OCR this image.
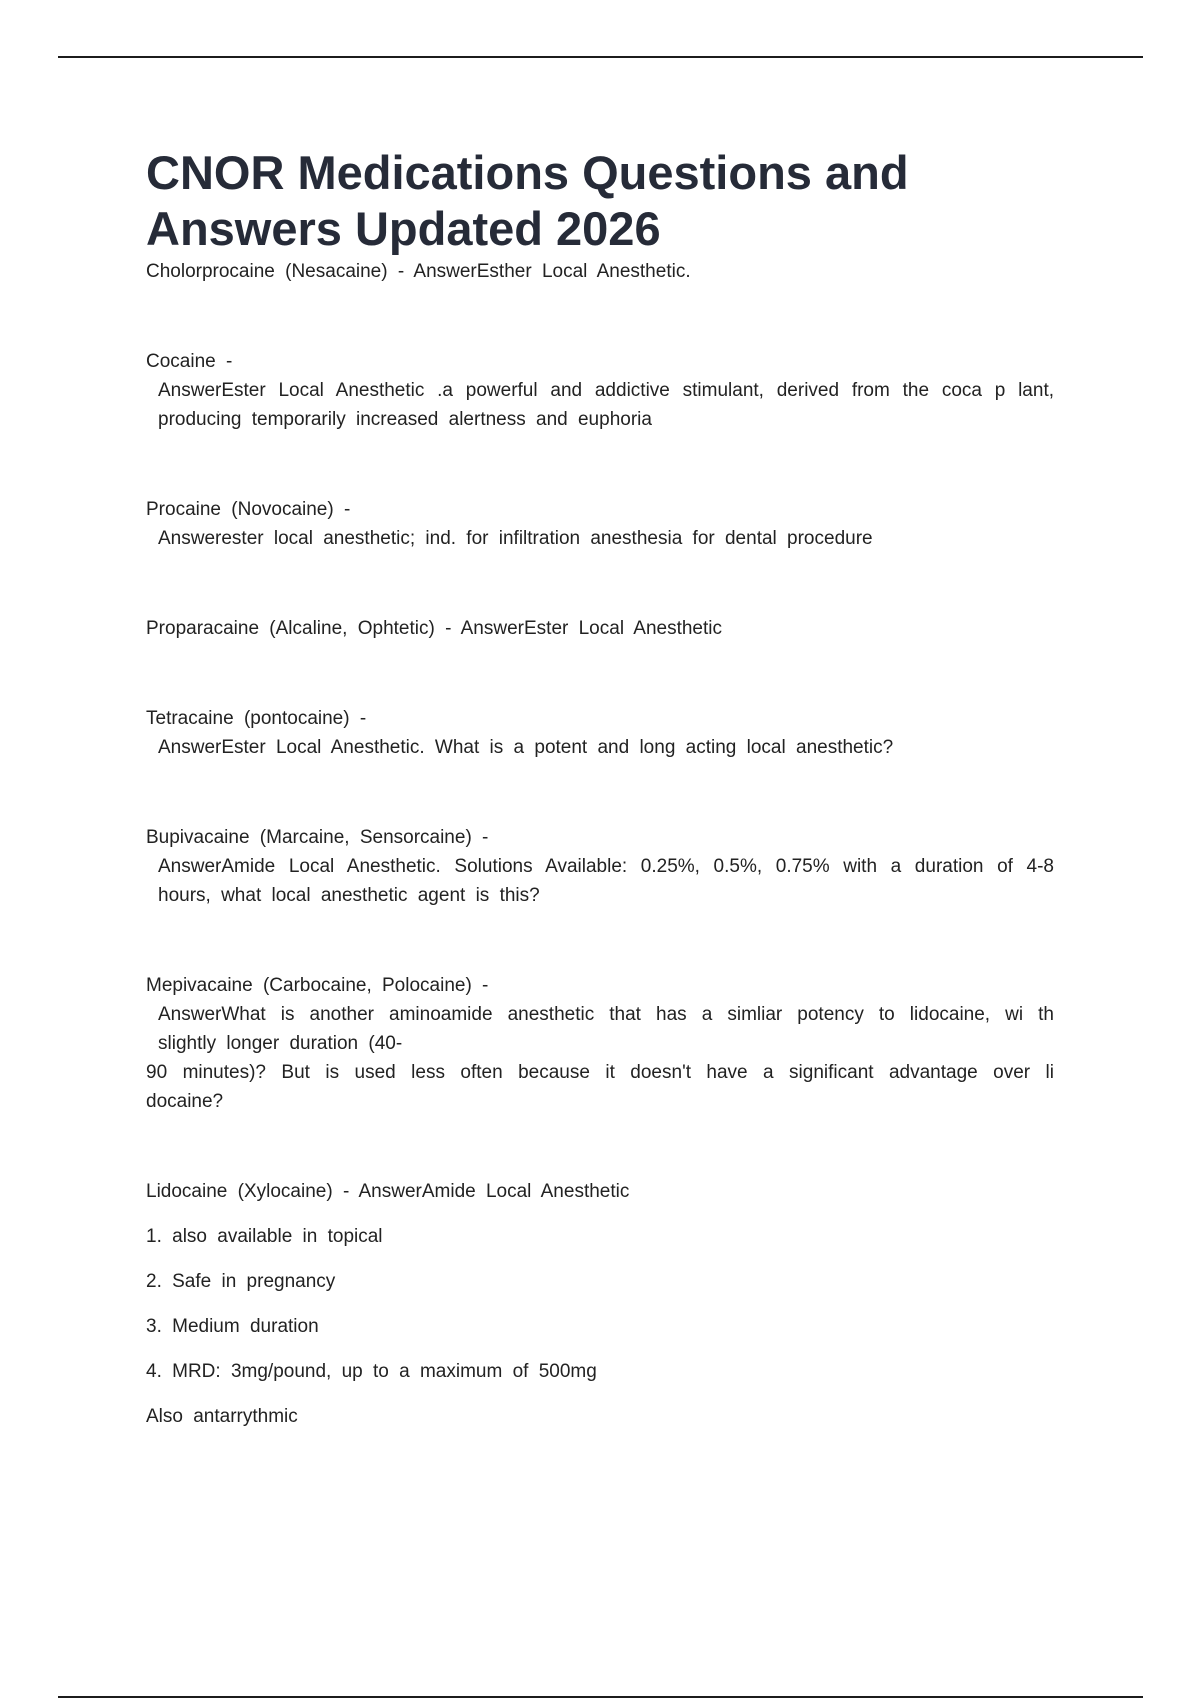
CNOR Medications Questions and Answers Updated 2026

Cholorprocaine (Nesacaine) - AnswerEsther Local Anesthetic.

Cocaine -

AnswerEster Local Anesthetic .a powerful and addictive stimulant, derived from the coca p lant, producing temporarily increased alertness and euphoria

Procaine (Novocaine) -

Answerester local anesthetic; ind. for infiltration anesthesia for dental procedure

Proparacaine (Alcaline, Ophtetic) - AnswerEster Local Anesthetic

Tetracaine (pontocaine) -

AnswerEster Local Anesthetic. What is a potent and long acting local anesthetic?

Bupivacaine (Marcaine, Sensorcaine) -

AnswerAmide Local Anesthetic. Solutions Available: 0.25%, 0.5%, 0.75% with a duration of 4-8 hours, what local anesthetic agent is this?

Mepivacaine (Carbocaine, Polocaine) -

AnswerWhat is another aminoamide anesthetic that has a simliar potency to lidocaine, wi th slightly longer duration (40-

90 minutes)? But is used less often because it doesn't have a significant advantage over li docaine?

Lidocaine (Xylocaine) - AnswerAmide Local Anesthetic

1. also available in topical

2. Safe in pregnancy

3. Medium duration

4. MRD: 3mg/pound, up to a maximum of 500mg

Also antarrythmic
